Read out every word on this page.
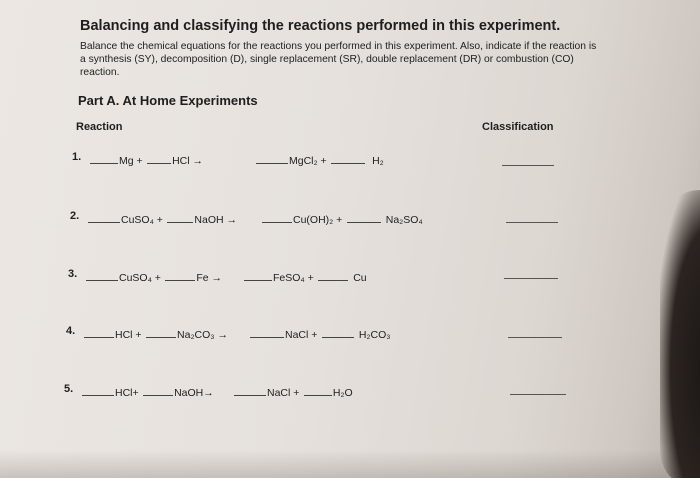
Balancing and classifying the reactions performed in this experiment.
Balance the chemical equations for the reactions you performed in this experiment. Also, indicate if the reaction is a synthesis (SY), decomposition (D), single replacement (SR), double replacement (DR) or combustion (CO) reaction.
Part A. At Home Experiments
Reaction	Classification
1.	Mg +	HCl →	MgCl₂ +	H₂
2.	CuSO₄ +	NaOH →	Cu(OH)₂ +	Na₂SO₄
3.	CuSO₄ +	Fe →	FeSO₄ +	Cu
4.	HCl +	Na₂CO₃ →	NaCl +	H₂CO₃
5.	HCl+	NaOH→	NaCl +	H₂O
